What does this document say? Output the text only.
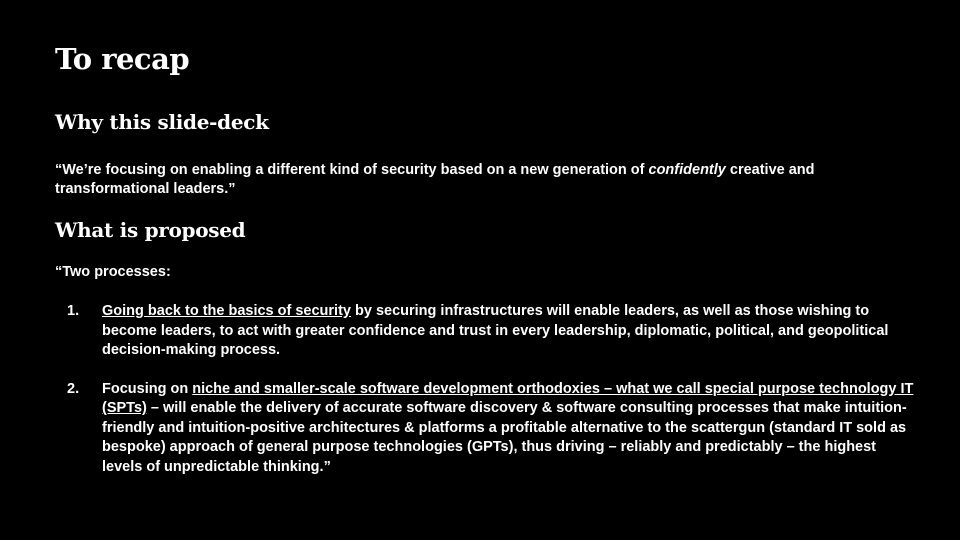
To recap
Why this slide-deck

“We’re focusing on enabling a different kind of security based on a new generation of confidently creative and transformational leaders.”

What is proposed

“Two processes:

1. Going back to the basics of security by securing infrastructures will enable leaders, as well as those wishing to become leaders, to act with greater confidence and trust in every leadership, diplomatic, political, and geopolitical decision-making process.
2. Focusing on niche and smaller-scale software development orthodoxies – what we call special purpose technology IT (SPTs) – will enable the delivery of accurate software discovery & software consulting processes that make intuition-friendly and intuition-positive architectures & platforms a profitable alternative to the scattergun (standard IT sold as bespoke) approach of general purpose technologies (GPTs), thus driving – reliably and predictably – the highest levels of unpredictable thinking.”
